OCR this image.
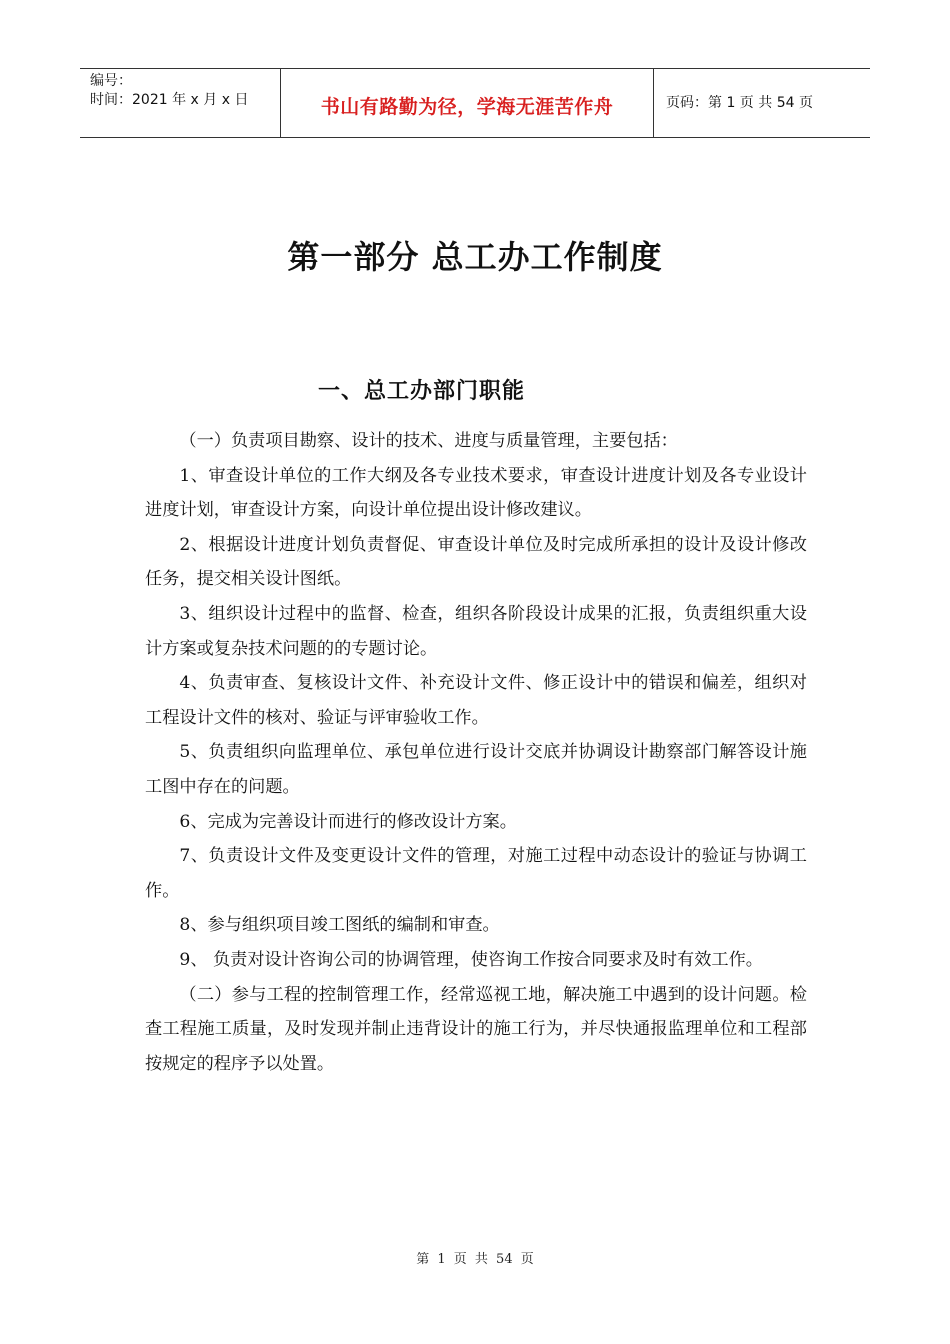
编号：
时间：2021 年 x 月 x 日	书山有路勤为径，学海无涯苦作舟	页码：第 1 页 共 54 页
第一部分 总工办工作制度
一、总工办部门职能

（一）负责项目勘察、设计的技术、进度与质量管理，主要包括：

1、审查设计单位的工作大纲及各专业技术要求，审查设计进度计划及各专业设计进度计划，审查设计方案，向设计单位提出设计修改建议。

2、根据设计进度计划负责督促、审查设计单位及时完成所承担的设计及设计修改任务，提交相关设计图纸。

3、组织设计过程中的监督、检查，组织各阶段设计成果的汇报，负责组织重大设计方案或复杂技术问题的的专题讨论。

4、负责审查、复核设计文件、补充设计文件、修正设计中的错误和偏差，组织对工程设计文件的核对、验证与评审验收工作。

5、负责组织向监理单位、承包单位进行设计交底并协调设计勘察部门解答设计施工图中存在的问题。

6、完成为完善设计而进行的修改设计方案。

7、负责设计文件及变更设计文件的管理，对施工过程中动态设计的验证与协调工作。

8、参与组织项目竣工图纸的编制和审查。

9、 负责对设计咨询公司的协调管理，使咨询工作按合同要求及时有效工作。

（二）参与工程的控制管理工作，经常巡视工地，解决施工中遇到的设计问题。检查工程施工质量，及时发现并制止违背设计的施工行为，并尽快通报监理单位和工程部按规定的程序予以处置。

第 1 页 共 54 页
